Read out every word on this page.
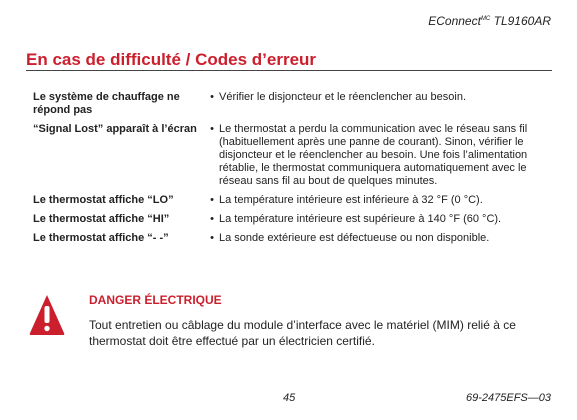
EConnect$^{MC}$ TL9160AR
En cas de difficulté / Codes d’erreur
Le système de chauffage ne répond pas
• Vérifier le disjoncteur et le réenclencher au besoin.
“Signal Lost” apparaît à l’écran	• Le thermostat a perdu la communication avec le réseau sans fil (habituellement après une panne de courant). Sinon, vérifier le disjoncteur et le réenclencher au besoin. Une fois l’alimentation rétablie, le thermostat communiquera automatiquement avec le réseau sans fil au bout de quelques minutes.
Le thermostat affiche “LO”	• La température intérieure est inférieure à 32 °F (0 °C).
Le thermostat affiche “HI”	• La température intérieure est supérieure à 140 °F (60 °C).
Le thermostat affiche “- -”	• La sonde extérieure est défectueuse ou non disponible.
DANGER ÉLECTRIQUE
Tout entretien ou câblage du module d’interface avec le matériel (MIM) relié à ce thermostat doit être effectué par un électricien certifié.
45	69-2475EFS—03
